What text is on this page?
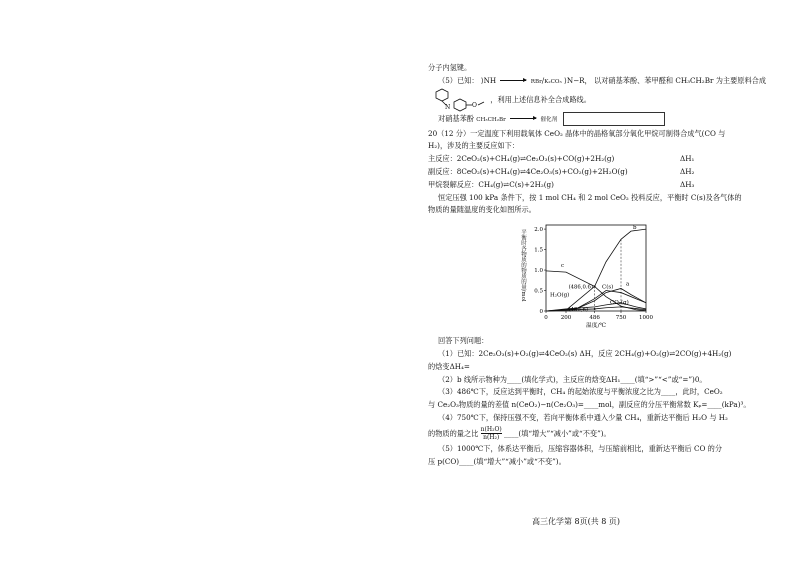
分子内氢键。
（5）已知： ⟩NH → RBr/K₂CO₃ ⟩N−R， 以对硝基苯酚、苯甲醛和 CH₃CH₂Br 为主要原料合成
N	O
，利用上述信息补全合成路线。
对硝基苯酚 CH₃CH₂Br → 催化剂
20（12 分）一定温度下利用载氧体 CeO₂ 晶体中的晶格氧部分氧化甲烷可制得合成气(CO 与
H₂)，涉及的主要反应如下：
主反应：2CeO₂(s)+CH₄(g)⇌Ce₂O₃(s)+CO(g)+2H₂(g)	ΔH₁
副反应：8CeO₂(s)+CH₄(g)⇌4Ce₂O₃(s)+CO₂(g)+2H₂O(g)	ΔH₂
甲烷裂解反应：CH₄(g)⇌C(s)+2H₂(g)	ΔH₃
恒定压强 100 kPa 条件下，按 1 mol CH₄ 和 2 mol CeO₂ 投料反应，平衡时 C(s)及各气体的
物质的量随温度的变化如图所示。
平衡时各物质的物质的量/mol
0
0.5
1.0
1.5
2.0
0 200	486	750 1000
温度/℃
b
c
a
C(s)
H₂O(g)
CO₂(g)
(486,0.6)
(486,n)
回答下列问题：
（1）已知：2Ce₂O₃(s)+O₂(g)⇌4CeO₂(s) ΔH，反应 2CH₄(g)+O₂(g)⇌2CO(g)+4H₂(g)
的焓变ΔH₄=
（2）b 线所示物种为____(填化学式)，主反应的焓变ΔH₁____(填“>”“<”或“=”)0。
（3）486℃下，反应达到平衡时，CH₄ 的起始浓度与平衡浓度之比为____，此时，CeO₂
与 Ce₂O₃物质的量的差值 n(CeO₂)−n(Ce₂O₃)=____mol，副反应的分压平衡常数 Kₚ=____(kPa)³。
（4）750℃下，保持压强不变，若向平衡体系中通入少量 CH₄，重新达平衡后 H₂O 与 H₂
的物质的量之比 $\frac{\text{n(H₂O)}}{\text{n(H₂)}}$ ____(填“增大”“减小”或“不变”)。
（5）1000℃下，体系达平衡后，压缩容器体积，与压缩前相比，重新达平衡后 CO 的分
压 p(CO)____(填“增大”“减小”或“不变”)。
高三化学第 8页(共 8 页)
